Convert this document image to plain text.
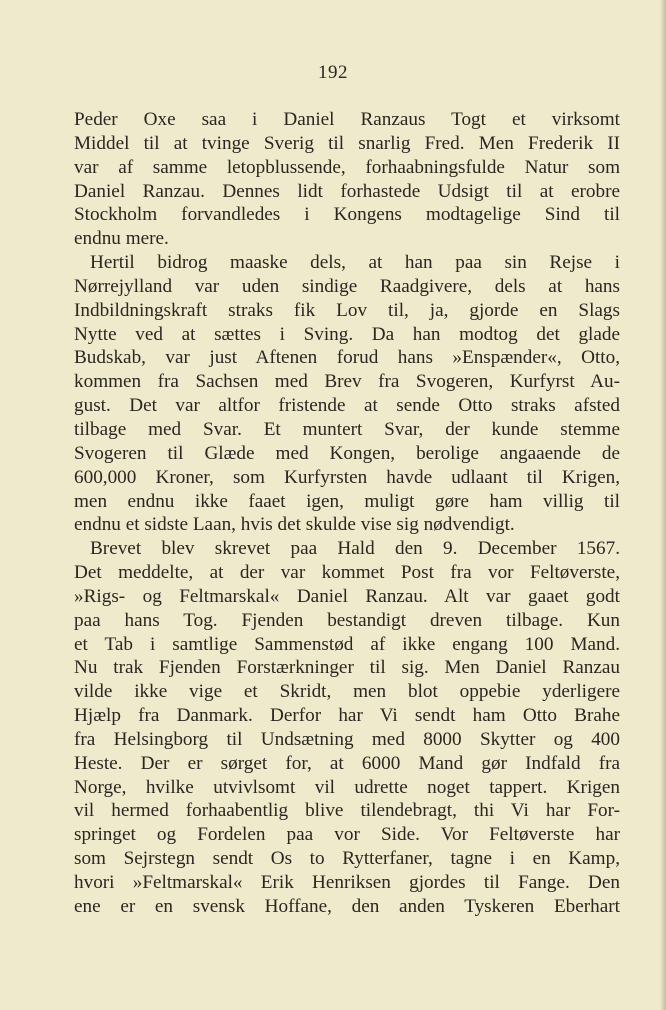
192
Peder Oxe saa i Daniel Ranzaus Togt et virksomt
Middel til at tvinge Sverig til snarlig Fred. Men Frederik II
var af samme letopblussende, forhaabningsfulde Natur som
Daniel Ranzau. Dennes lidt forhastede Udsigt til at erobre
Stockholm forvandledes i Kongens modtagelige Sind til
endnu mere.
Hertil bidrog maaske dels, at han paa sin Rejse i
Nørrejylland var uden sindige Raadgivere, dels at hans
Indbildningskraft straks fik Lov til, ja, gjorde en Slags
Nytte ved at sættes i Sving. Da han modtog det glade
Budskab, var just Aftenen forud hans »Enspænder«, Otto,
kommen fra Sachsen med Brev fra Svogeren, Kurfyrst Au-
gust. Det var altfor fristende at sende Otto straks afsted
tilbage med Svar. Et muntert Svar, der kunde stemme
Svogeren til Glæde med Kongen, berolige angaaende de
600,000 Kroner, som Kurfyrsten havde udlaant til Krigen,
men endnu ikke faaet igen, muligt gøre ham villig til
endnu et sidste Laan, hvis det skulde vise sig nødvendigt.
Brevet blev skrevet paa Hald den 9. December 1567.
Det meddelte, at der var kommet Post fra vor Feltøverste,
»Rigs- og Feltmarskal« Daniel Ranzau. Alt var gaaet godt
paa hans Tog. Fjenden bestandigt dreven tilbage. Kun
et Tab i samtlige Sammenstød af ikke engang 100 Mand.
Nu trak Fjenden Forstærkninger til sig. Men Daniel Ranzau
vilde ikke vige et Skridt, men blot oppebie yderligere
Hjælp fra Danmark. Derfor har Vi sendt ham Otto Brahe
fra Helsingborg til Undsætning med 8000 Skytter og 400
Heste. Der er sørget for, at 6000 Mand gør Indfald fra
Norge, hvilke utvivlsomt vil udrette noget tappert. Krigen
vil hermed forhaabentlig blive tilendebragt, thi Vi har For-
springet og Fordelen paa vor Side. Vor Feltøverste har
som Sejrstegn sendt Os to Rytterfaner, tagne i en Kamp,
hvori »Feltmarskal« Erik Henriksen gjordes til Fange. Den
ene er en svensk Hoffane, den anden Tyskeren Eberhart
